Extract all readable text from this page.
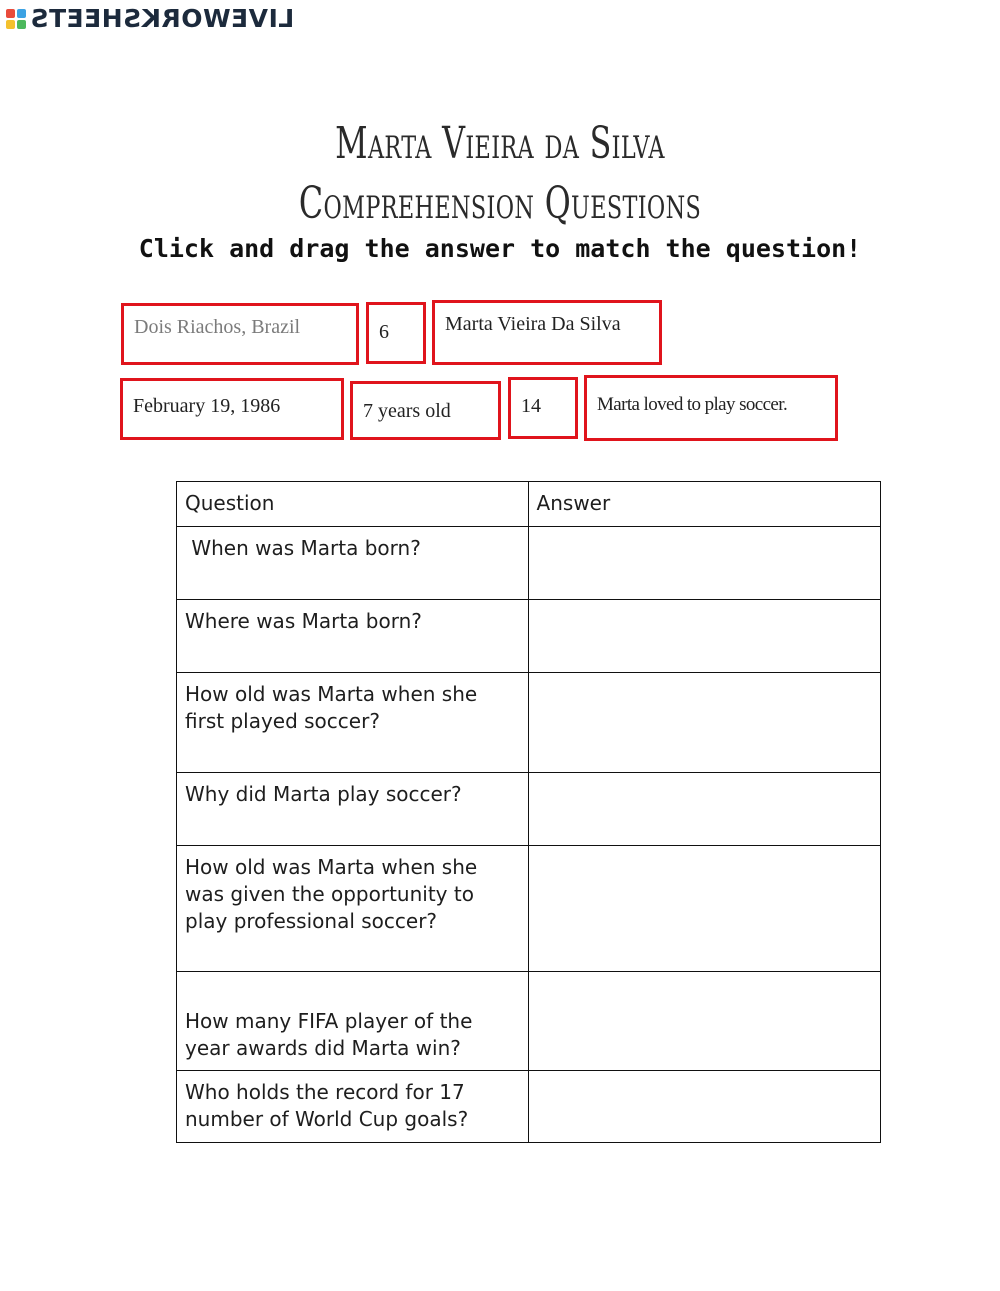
LIVEWORKSHEETS
Marta Vieira da Silva
Comprehension Questions
Click and drag the answer to match the question!
Dois Riachos, Brazil	6	Marta Vieira Da Silva
February 19, 1986	7 years old	14	Marta loved to play soccer.
Question	Answer
When was Marta born?	
Where was Marta born?	
How old was Marta when she first played soccer?	
Why did Marta play soccer?	
How old was Marta when she was given the opportunity to play professional soccer?	
How many FIFA player of the year awards did Marta win?	
Who holds the record for 17 number of World Cup goals?	
